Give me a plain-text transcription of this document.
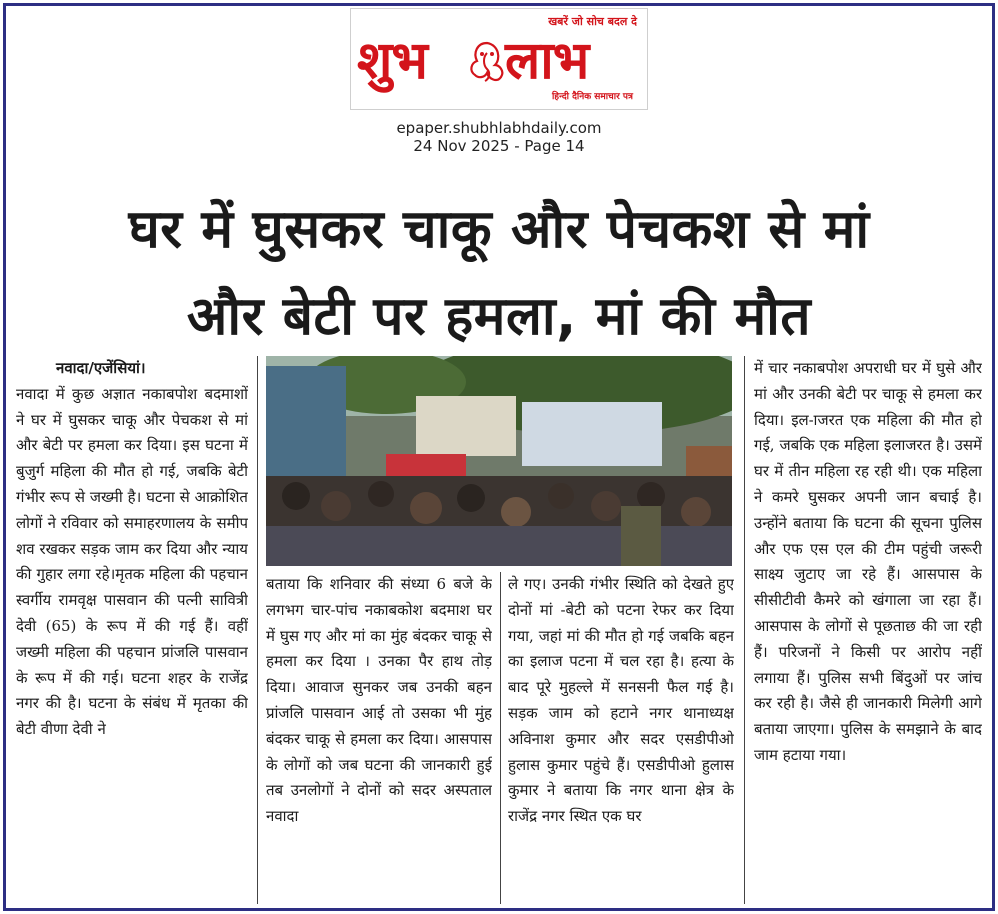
खबरें जो सोच बदल दे
शुभ लाभ
हिन्दी दैनिक समाचार पत्र
epaper.shubhlabhdaily.com
24 Nov 2025 - Page 14
घर में घुसकर चाकू और पेचकश से मां
और बेटी पर हमला, मां की मौत
नवादा/एजेंसियां।
नवादा में कुछ अज्ञात नकाबपोश बदमाशों ने घर में घुसकर चाकू और पेचकश से मां और बेटी पर हमला कर दिया। इस घटना में बुजुर्ग महिला की मौत हो गई, जबकि बेटी गंभीर रूप से जख्मी है। घटना से आक्रोशित लोगों ने रविवार को समाहरणालय के समीप शव रखकर सड़क जाम कर दिया और न्याय की गुहार लगा रहे।मृतक महिला की पहचान स्वर्गीय रामवृक्ष पासवान की पत्नी सावित्री देवी (65) के रूप में की गई हैं। वहीं जख्मी महिला की पहचान प्रांजलि पासवान के रूप में की गई। घटना शहर के राजेंद्र नगर की है। घटना के संबंध में मृतका की बेटी वीणा देवी ने
बताया कि शनिवार की संध्या 6 बजे के लगभग चार-पांच नकाबकोश बदमाश घर में घुस गए और मां का मुंह बंदकर चाकू से हमला कर दिया । उनका पैर हाथ तोड़ दिया। आवाज सुनकर जब उनकी बहन प्रांजलि पासवान आई तो उसका भी मुंह बंदकर चाकू से हमला कर दिया। आसपास के लोगों को जब घटना की जानकारी हुई तब उनलोगों ने दोनों को सदर अस्पताल नवादा
ले गए। उनकी गंभीर स्थिति को देखते हुए दोनों मां -बेटी को पटना रेफर कर दिया गया, जहां मां की मौत हो गई जबकि बहन का इलाज पटना में चल रहा है। हत्या के बाद पूरे मुहल्ले में सनसनी फैल गई है। सड़क जाम को हटाने नगर थानाध्यक्ष अविनाश कुमार और सदर एसडीपीओ हुलास कुमार पहुंचे हैं। एसडीपीओ हुलास कुमार ने बताया कि नगर थाना क्षेत्र के राजेंद्र नगर स्थित एक घर
में चार नकाबपोश अपराधी घर में घुसे और मां और उनकी बेटी पर चाकू से हमला कर दिया। इल-ाजरत एक महिला की मौत हो गई, जबकि एक महिला इलाजरत है। उसमें घर में तीन महिला रह रही थी। एक महिला ने कमरे घुसकर अपनी जान बचाई है। उन्होंने बताया कि घटना की सूचना पुलिस और एफ एस एल की टीम पहुंची जरूरी साक्ष्य जुटाए जा रहे हैं। आसपास के सीसीटीवी कैमरे को खंगाला जा रहा हैं। आसपास के लोगों से पूछताछ की जा रही हैं। परिजनों ने किसी पर आरोप नहीं लगाया हैं। पुलिस सभी बिंदुओं पर जांच कर रही है। जैसे ही जानकारी मिलेगी आगे बताया जाएगा। पुलिस के समझाने के बाद जाम हटाया गया।
